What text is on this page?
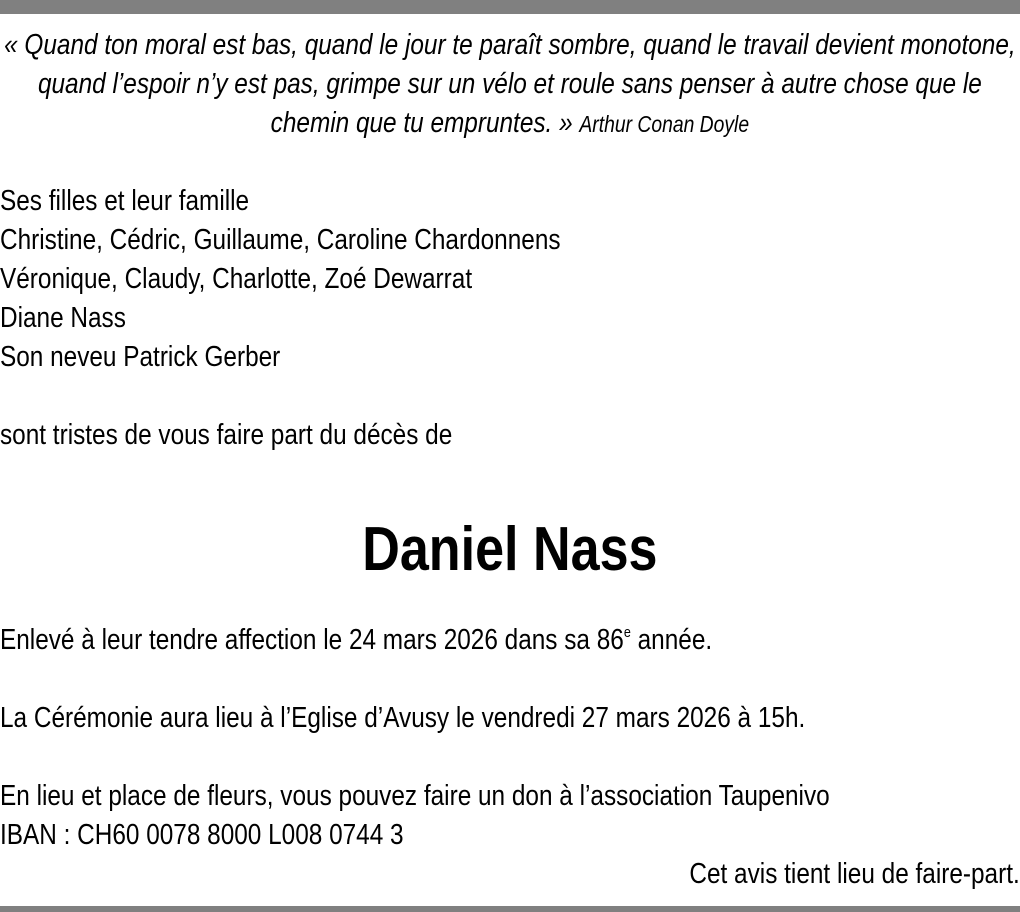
« Quand ton moral est bas, quand le jour te paraît sombre, quand le travail devient monotone, quand l’espoir n’y est pas, grimpe sur un vélo et roule sans penser à autre chose que le chemin que tu empruntes. » Arthur Conan Doyle

Ses filles et leur famille
Christine, Cédric, Guillaume, Caroline Chardonnens
Véronique, Claudy, Charlotte, Zoé Dewarrat
Diane Nass
Son neveu Patrick Gerber
sont tristes de vous faire part du décès de
Daniel Nass
Enlevé à leur tendre affection le 24 mars 2026 dans sa 86e année.
La Cérémonie aura lieu à l’Eglise d’Avusy le vendredi 27 mars 2026 à 15h.
En lieu et place de fleurs, vous pouvez faire un don à l’association Taupenivo
IBAN : CH60 0078 8000 L008 0744 3
Cet avis tient lieu de faire-part.
